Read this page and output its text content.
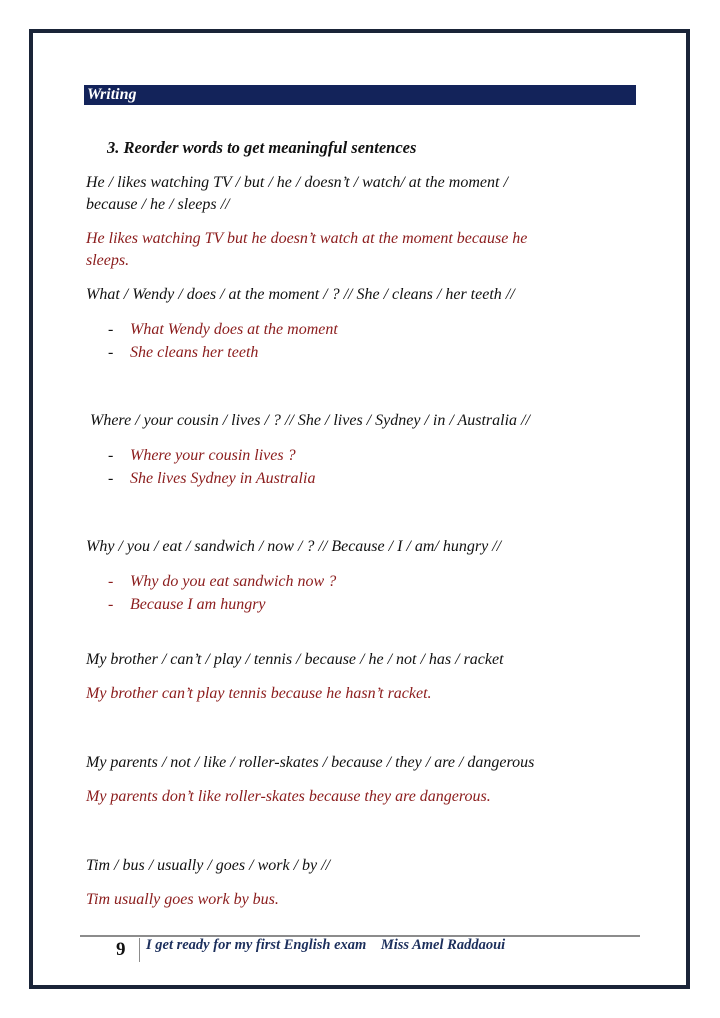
Writing
3. Reorder words to get meaningful sentences
He / likes watching TV / but / he / doesn’t / watch/ at the moment /
because / he / sleeps //
He likes watching TV but he doesn’t watch at the moment because he
sleeps.
What / Wendy / does / at the moment / ? // She / cleans / her teeth //
- What Wendy does at the moment
- She cleans her teeth
Where / your cousin / lives / ? // She / lives / Sydney / in / Australia //
- Where your cousin lives ?
- She lives Sydney in Australia
Why / you / eat / sandwich / now / ? // Because / I / am/ hungry //
- Why do you eat sandwich now ?
- Because I am hungry
My brother / can’t / play / tennis / because / he / not / has / racket
My brother can’t play tennis because he hasn’t racket.
My parents / not / like / roller-skates / because / they / are / dangerous
My parents don’t like roller-skates because they are dangerous.
Tim / bus / usually / goes / work / by //
Tim usually goes work by bus.
9 I get ready for my first English exam    Miss Amel Raddaoui
